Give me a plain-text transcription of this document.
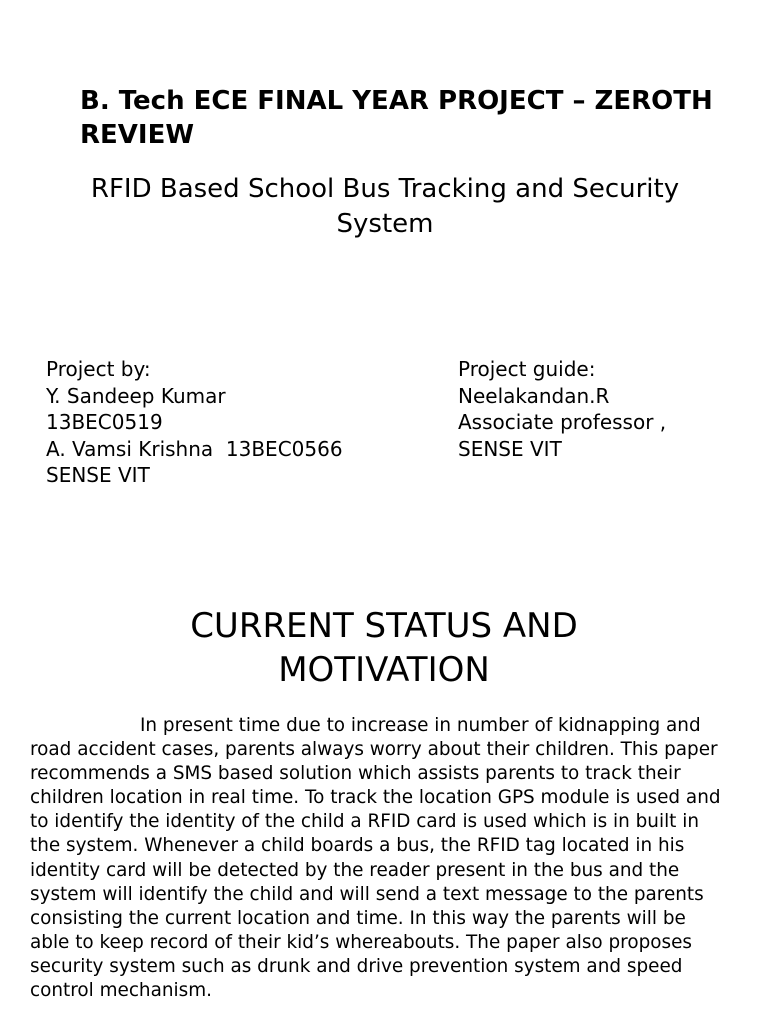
B. Tech ECE FINAL YEAR PROJECT – ZEROTH REVIEW
RFID Based School Bus Tracking and Security System
Project by:
Y. Sandeep Kumar
13BEC0519
A. Vamsi Krishna  13BEC0566
SENSE VIT
Project guide:
Neelakandan.R
Associate professor ,
SENSE VIT
CURRENT STATUS AND MOTIVATION
In present time due to increase in number of kidnapping and road accident cases, parents always worry about their children. This paper recommends a SMS based solution which assists parents to track their children location in real time. To track the location GPS module is used and to identify the identity of the child a RFID card is used which is in built in the system. Whenever a child boards a bus, the RFID tag located in his identity card will be detected by the reader present in the bus and the system will identify the child and will send a text message to the parents consisting the current location and time. In this way the parents will be able to keep record of their kid’s whereabouts. The paper also proposes security system such as drunk and drive prevention system and speed control mechanism.
